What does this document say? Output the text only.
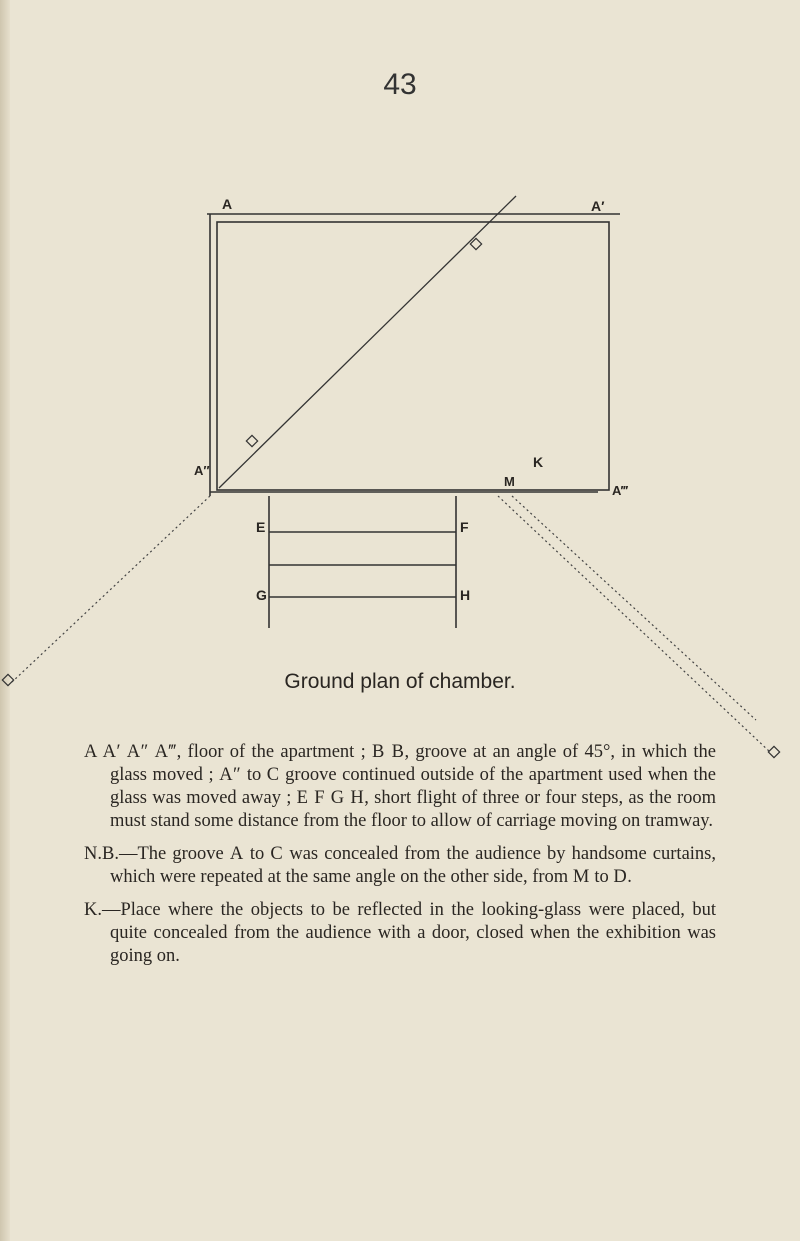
43
A	A′
A″
A‴
K
M
E	F
G	H
Ground plan of chamber.

A A′ A″ A‴, floor of the apartment ; B B, groove at an angle of 45°, in which the glass moved ; A″ to C groove continued outside of the apartment used when the glass was moved away ; E F G H, short flight of three or four steps, as the room must stand some distance from the floor to allow of carriage moving on tramway.

N.B.—The groove A to C was concealed from the audience by handsome curtains, which were repeated at the same angle on the other side, from M to D.

K.—Place where the objects to be reflected in the looking-glass were placed, but quite concealed from the audience with a door, closed when the exhibition was going on.
